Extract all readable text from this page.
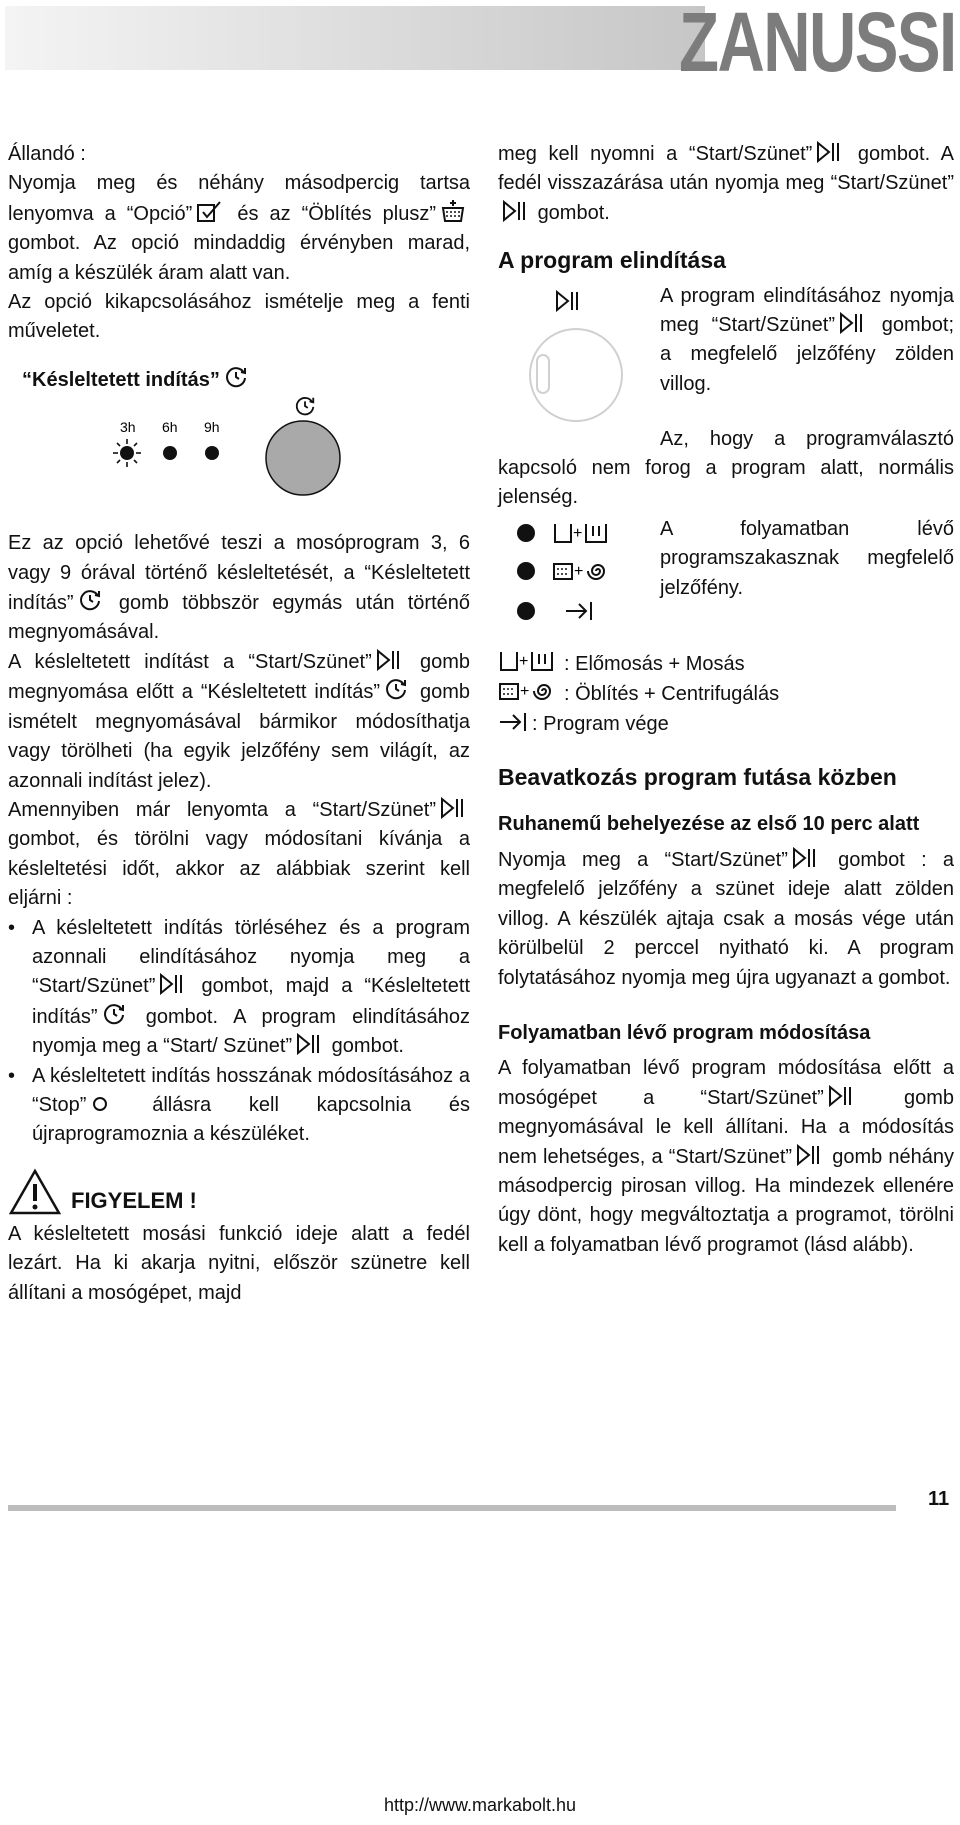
ZANUSSI

Állandó :

Nyomja meg és néhány másodpercig tartsa lenyomva a “Opció” és az “Öblítés plusz” gombot. Az opció mindaddig érvényben marad, amíg a készülék áram alatt van.

Az opció kikapcsolásához ismételje meg a fenti műveletet.

“Késleltetett indítás”

3h 6h 9h

Ez az opció lehetővé teszi a mosóprogram 3, 6 vagy 9 órával történő késleltetését, a “Késleltetett indítás” gomb többször egymás után történő megnyomásával.

A késleltetett indítást a “Start/Szünet” gomb megnyomása előtt a “Késleltetett indítás” gomb ismételt megnyomásával bármikor módosíthatja vagy törölheti (ha egyik jelzőfény sem világít, az azonnali indítást jelez).

Amennyiben már lenyomta a “Start/Szünet” gombot, és törölni vagy módosítani kívánja a késleltetési időt, akkor az alábbiak szerint kell eljárni :

• A késleltetett indítás törléséhez és a program azonnali elindításához nyomja meg a “Start/Szünet” gombot, majd a “Késleltetett indítás” gombot. A program elindításához nyomja meg a “Start/ Szünet” gombot.

• A késleltetett indítás hosszának módosításához a “Stop”	állásra kell kapcsolnia és újraprogramoznia a készüléket.

FIGYELEM !

A késleltetett mosási funkció ideje alatt a fedél lezárt. Ha ki akarja nyitni, először szünetre kell állítani a mosógépet, majd

meg kell nyomni a “Start/Szünet” gombot. A fedél visszazárása után nyomja meg “Start/Szünet” gombot.

A program elindítása

A program elindításához nyomja meg “Start/Szünet” gombot; a megfelelő jelzőfény zölden villog.

Az, hogy a programválasztó kapcsoló nem forog a program alatt, normális jelenség.

A folyamatban lévő programszakasznak megfelelő jelzőfény.

: Előmosás + Mosás

: Öblítés + Centrifugálás

: Program vége

Beavatkozás program futása közben

Ruhanemű behelyezése az első 10 perc alatt

Nyomja meg a “Start/Szünet”	gombot : a megfelelő jelzőfény a szünet ideje alatt zölden villog. A készülék ajtaja csak a mosás vége után körülbelül 2 perccel nyitható ki. A program folytatásához nyomja meg újra ugyanazt a gombot.

Folyamatban lévő program módosítása

A folyamatban lévő program módosítása előtt a mosógépet a “Start/Szünet”	gomb megnyomásával le kell állítani. Ha a módosítás nem lehetséges, a “Start/Szünet” gomb néhány másodpercig pirosan villog. Ha mindezek ellenére úgy dönt, hogy megváltoztatja a programot, törölni kell a folyamatban lévő programot (lásd alább).

11
http://www.markabolt.hu
